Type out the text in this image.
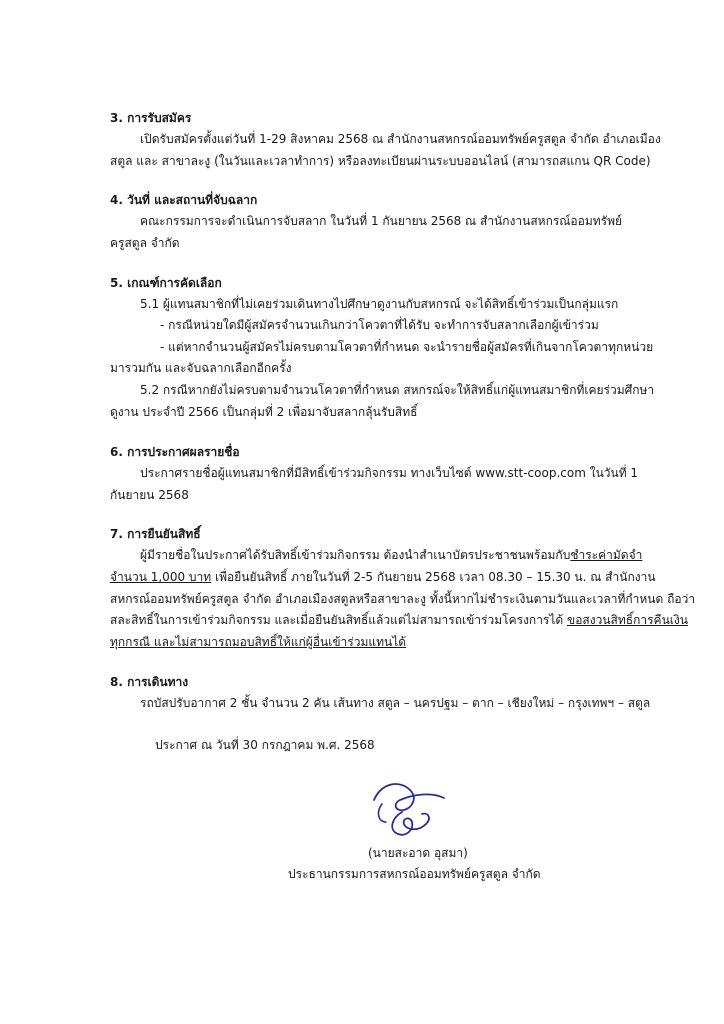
3. การรับสมัคร
เปิดรับสมัครตั้งแต่วันที่ 1-29 สิงหาคม 2568 ณ สำนักงานสหกรณ์ออมทรัพย์ครูสตูล จำกัด อำเภอเมือง
สตูล และ สาขาละงู (ในวันและเวลาทำการ) หรือลงทะเบียนผ่านระบบออนไลน์ (สามารถสแกน QR Code)
4. วันที่ และสถานที่จับฉลาก
คณะกรรมการจะดำเนินการจับสลาก ในวันที่ 1 กันยายน 2568 ณ สำนักงานสหกรณ์ออมทรัพย์
ครูสตูล จำกัด
5. เกณฑ์การคัดเลือก
5.1 ผู้แทนสมาชิกที่ไม่เคยร่วมเดินทางไปศึกษาดูงานกับสหกรณ์ จะได้สิทธิ์เข้าร่วมเป็นกลุ่มแรก
- กรณีหน่วยใดมีผู้สมัครจำนวนเกินกว่าโควตาที่ได้รับ จะทำการจับสลากเลือกผู้เข้าร่วม
- แต่หากจำนวนผู้สมัครไม่ครบตามโควตาที่กำหนด จะนำรายชื่อผู้สมัครที่เกินจากโควตาทุกหน่วย
มารวมกัน และจับฉลากเลือกอีกครั้ง
5.2 กรณีหากยังไม่ครบตามจำนวนโควตาที่กำหนด สหกรณ์จะให้สิทธิ์แก่ผู้แทนสมาชิกที่เคยร่วมศึกษา
ดูงาน ประจำปี 2566 เป็นกลุ่มที่ 2 เพื่อมาจับสลากลุ้นรับสิทธิ์
6. การประกาศผลรายชื่อ
ประกาศรายชื่อผู้แทนสมาชิกที่มีสิทธิ์เข้าร่วมกิจกรรม ทางเว็บไซต์ www.stt-coop.com ในวันที่ 1
กันยายน 2568
7. การยืนยันสิทธิ์
ผู้มีรายชื่อในประกาศได้รับสิทธิ์เข้าร่วมกิจกรรม ต้องนำสำเนาบัตรประชาชนพร้อมกับชำระค่ามัดจำ
จำนวน 1,000 บาท เพื่อยืนยันสิทธิ์ ภายในวันที่ 2-5 กันยายน 2568 เวลา 08.30 – 15.30 น. ณ สำนักงาน
สหกรณ์ออมทรัพย์ครูสตูล จำกัด อำเภอเมืองสตูลหรือสาขาละงู ทั้งนี้หากไม่ชำระเงินตามวันและเวลาที่กำหนด ถือว่า
สละสิทธิ์ในการเข้าร่วมกิจกรรม และเมื่อยืนยันสิทธิ์แล้วแต่ไม่สามารถเข้าร่วมโครงการได้ ขอสงวนสิทธิ์การคืนเงิน
ทุกกรณี และไม่สามารถมอบสิทธิ์ให้แก่ผู้อื่นเข้าร่วมแทนได้
8. การเดินทาง
รถบัสปรับอากาศ 2 ชั้น จำนวน 2 คัน เส้นทาง สตูล – นครปฐม – ตาก – เชียงใหม่ – กรุงเทพฯ – สตูล
ประกาศ ณ วันที่ 30 กรกฎาคม พ.ศ. 2568
(นายสะอาด อุสมา)
ประธานกรรมการสหกรณ์ออมทรัพย์ครูสตูล จำกัด
